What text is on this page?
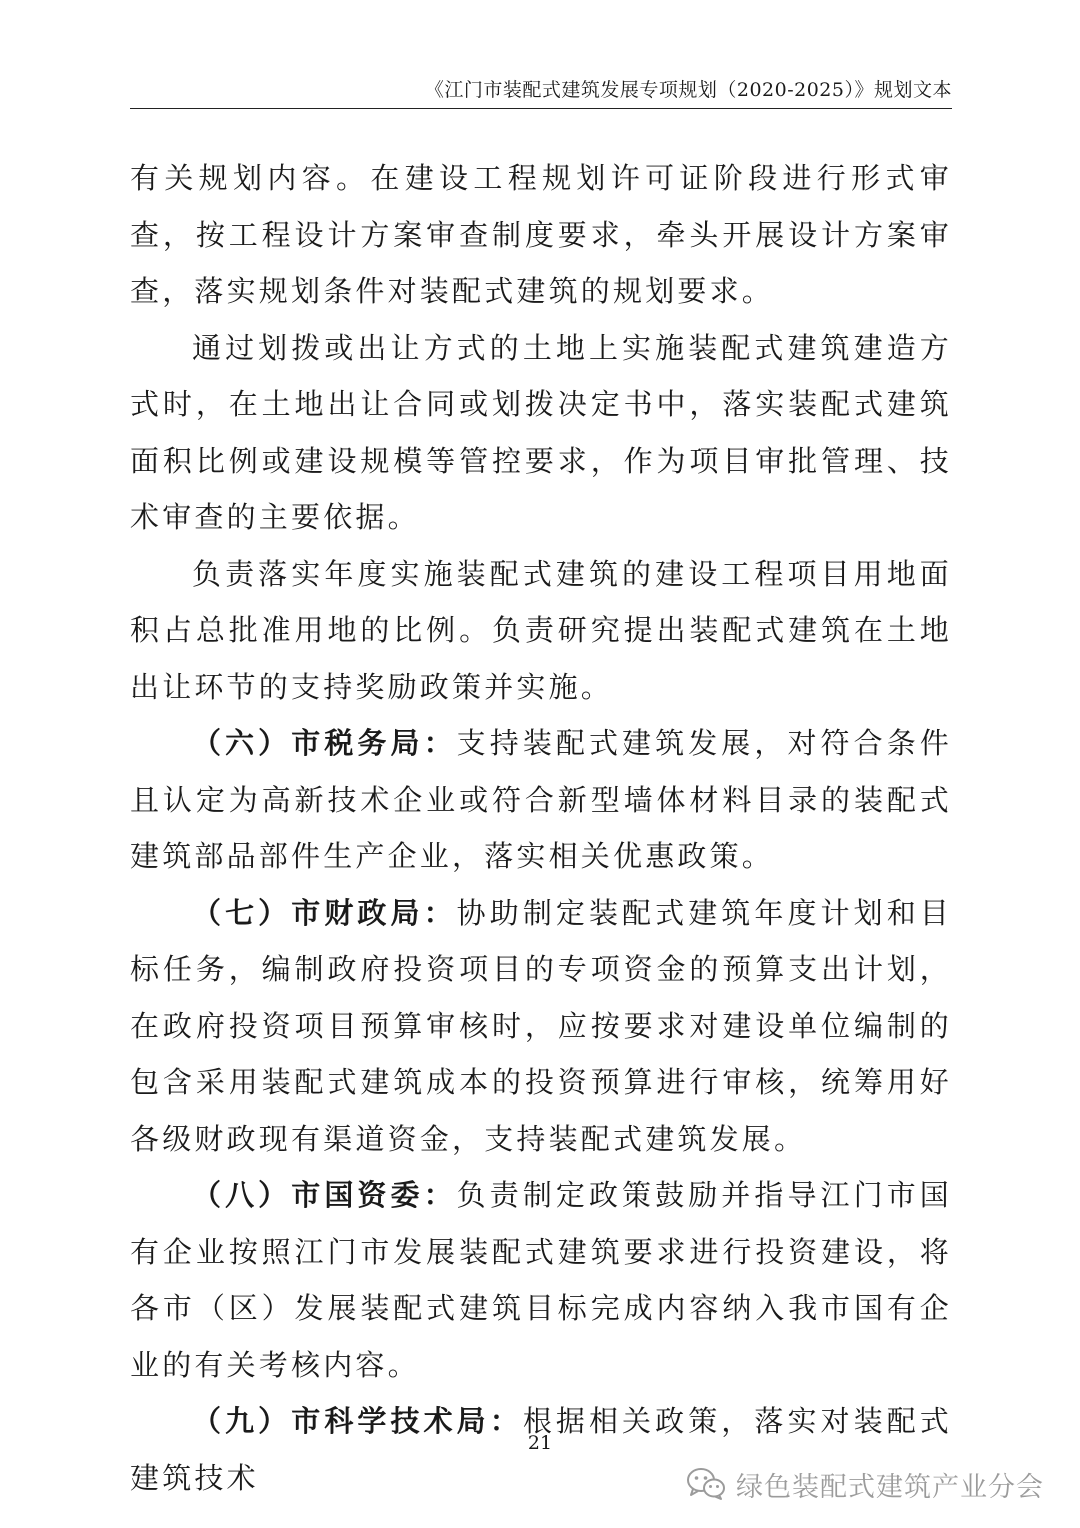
《江门市装配式建筑发展专项规划（2020-2025）》规划文本

有关规划内容。在建设工程规划许可证阶段进行形式审查，按工程设计方案审查制度要求，牵头开展设计方案审查，落实规划条件对装配式建筑的规划要求。

通过划拨或出让方式的土地上实施装配式建筑建造方式时，在土地出让合同或划拨决定书中，落实装配式建筑面积比例或建设规模等管控要求，作为项目审批管理、技术审查的主要依据。

负责落实年度实施装配式建筑的建设工程项目用地面积占总批准用地的比例。负责研究提出装配式建筑在土地出让环节的支持奖励政策并实施。

（六）市税务局：支持装配式建筑发展，对符合条件且认定为高新技术企业或符合新型墙体材料目录的装配式建筑部品部件生产企业，落实相关优惠政策。

（七）市财政局：协助制定装配式建筑年度计划和目标任务，编制政府投资项目的专项资金的预算支出计划，在政府投资项目预算审核时，应按要求对建设单位编制的包含采用装配式建筑成本的投资预算进行审核，统筹用好各级财政现有渠道资金，支持装配式建筑发展。

（八）市国资委：负责制定政策鼓励并指导江门市国有企业按照江门市发展装配式建筑要求进行投资建设，将各市（区）发展装配式建筑目标完成内容纳入我市国有企业的有关考核内容。

（九）市科学技术局：根据相关政策，落实对装配式建筑技术

21
绿色装配式建筑产业分会
